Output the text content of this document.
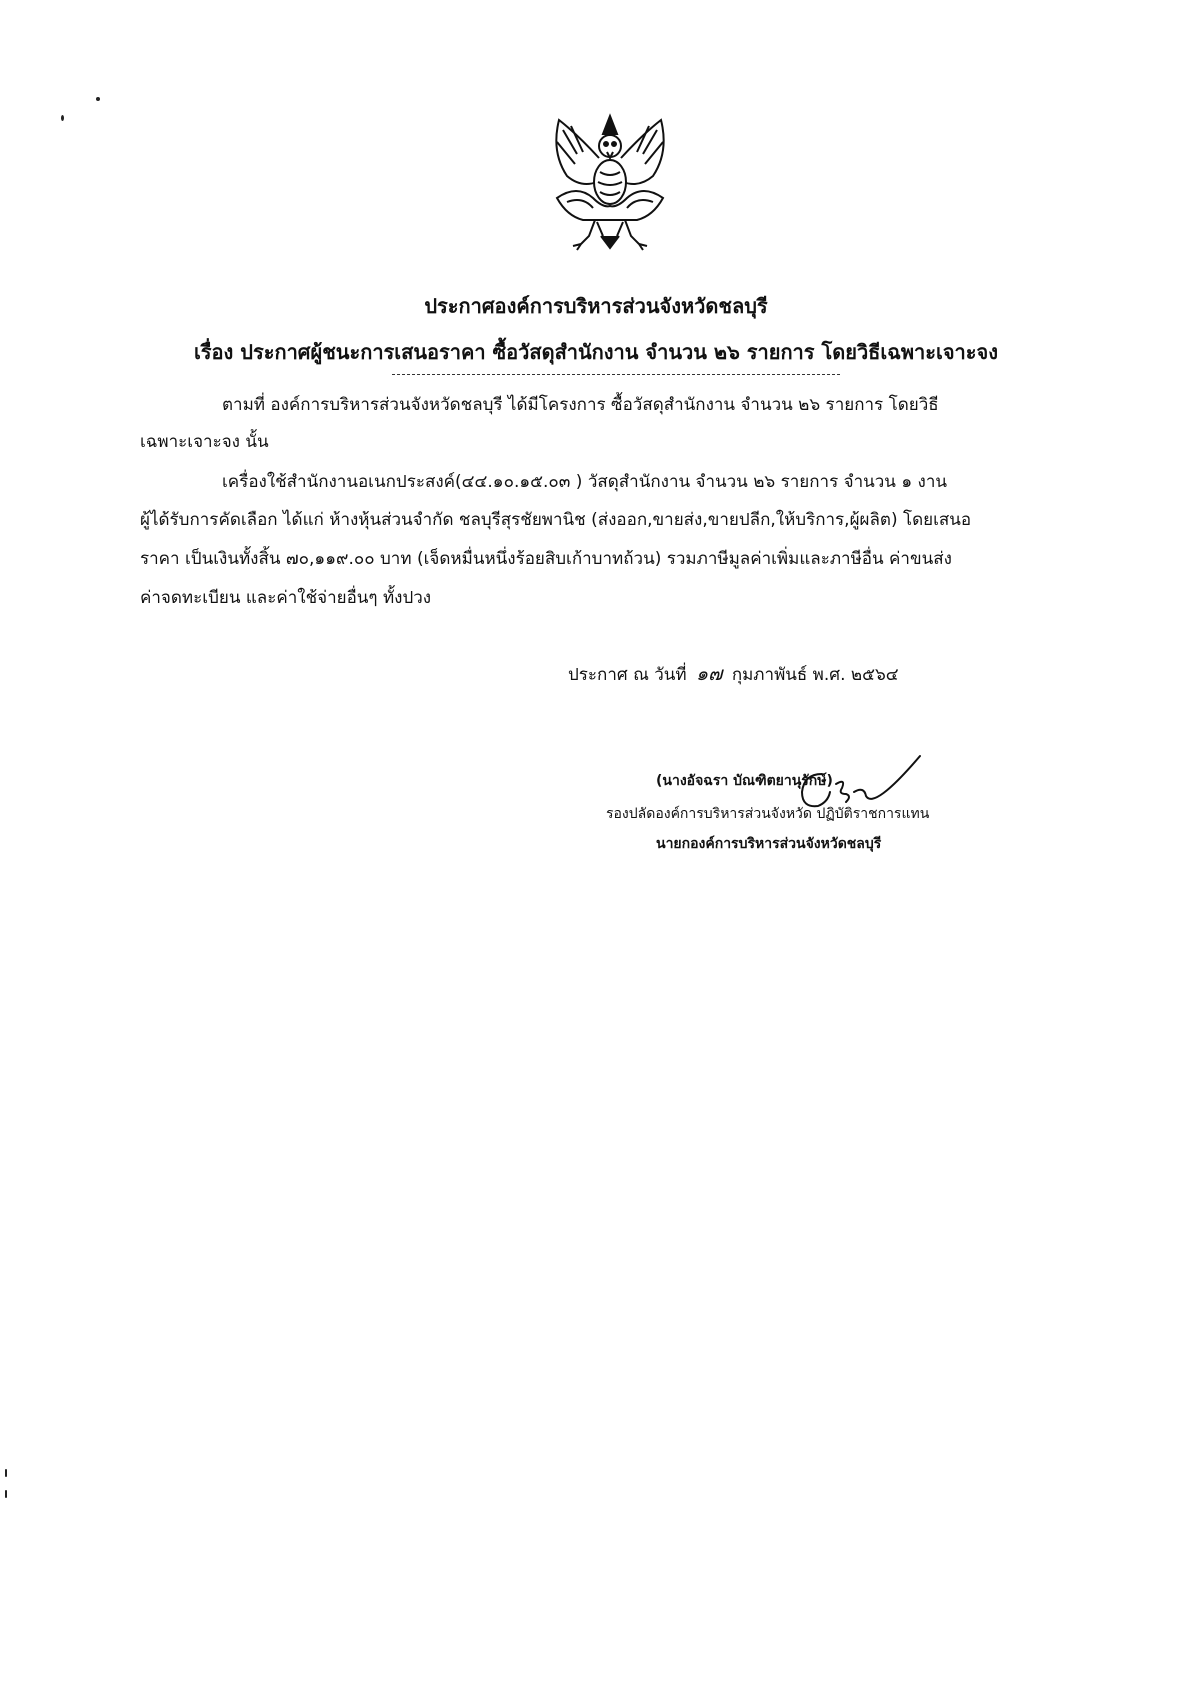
ประกาศองค์การบริหารส่วนจังหวัดชลบุรี
เรื่อง ประกาศผู้ชนะการเสนอราคา ซื้อวัสดุสำนักงาน จำนวน ๒๖ รายการ โดยวิธีเฉพาะเจาะจง
ตามที่ องค์การบริหารส่วนจังหวัดชลบุรี ได้มีโครงการ ซื้อวัสดุสำนักงาน จำนวน ๒๖ รายการ โดยวิธี
เฉพาะเจาะจง นั้น
เครื่องใช้สำนักงานอเนกประสงค์(๔๔.๑๐.๑๕.๐๓ ) วัสดุสำนักงาน จำนวน ๒๖ รายการ จำนวน ๑ งาน
ผู้ได้รับการคัดเลือก ได้แก่ ห้างหุ้นส่วนจำกัด ชลบุรีสุรชัยพานิช (ส่งออก,ขายส่ง,ขายปลีก,ให้บริการ,ผู้ผลิต) โดยเสนอ
ราคา เป็นเงินทั้งสิ้น ๗๐,๑๑๙.๐๐ บาท (เจ็ดหมื่นหนึ่งร้อยสิบเก้าบาทถ้วน) รวมภาษีมูลค่าเพิ่มและภาษีอื่น ค่าขนส่ง
ค่าจดทะเบียน และค่าใช้จ่ายอื่นๆ ทั้งปวง
ประกาศ ณ วันที่ ๑๗ กุมภาพันธ์ พ.ศ. ๒๕๖๔
(นางอัจฉรา บัณฑิตยานุรักษ์)
รองปลัดองค์การบริหารส่วนจังหวัด ปฏิบัติราชการแทน
นายกองค์การบริหารส่วนจังหวัดชลบุรี
